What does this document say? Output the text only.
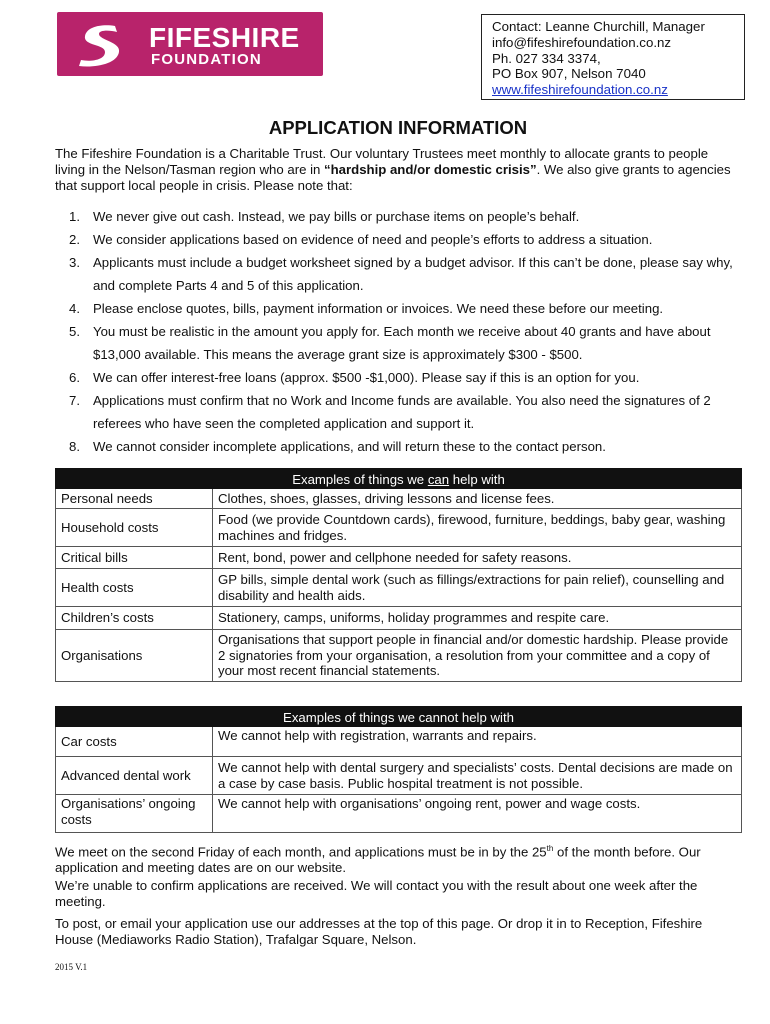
FIFESHIRE
FOUNDATION
Contact: Leanne Churchill, Manager
info@fifeshirefoundation.co.nz
Ph. 027 334 3374,
PO Box 907, Nelson 7040
www.fifeshirefoundation.co.nz
APPLICATION INFORMATION

The Fifeshire Foundation is a Charitable Trust. Our voluntary Trustees meet monthly to allocate grants to people living in the Nelson/Tasman region who are in “hardship and/or domestic crisis”. We also give grants to agencies that support local people in crisis. Please note that:

1. We never give out cash. Instead, we pay bills or purchase items on people’s behalf.
2. We consider applications based on evidence of need and people’s efforts to address a situation.
3. Applicants must include a budget worksheet signed by a budget advisor. If this can’t be done, please say why, and complete Parts 4 and 5 of this application.
4. Please enclose quotes, bills, payment information or invoices. We need these before our meeting.
5. You must be realistic in the amount you apply for. Each month we receive about 40 grants and have about $13,000 available. This means the average grant size is approximately $300 - $500.
6. We can offer interest-free loans (approx. $500 -$1,000). Please say if this is an option for you.
7. Applications must confirm that no Work and Income funds are available. You also need the signatures of 2 referees who have seen the completed application and support it.
8. We cannot consider incomplete applications, and will return these to the contact person.
Examples of things we can help with	
Personal needs	Clothes, shoes, glasses, driving lessons and license fees.
Household costs	Food (we provide Countdown cards), firewood, furniture, beddings, baby gear, washing machines and fridges.
Critical bills	Rent, bond, power and cellphone needed for safety reasons.
Health costs	GP bills, simple dental work (such as fillings/extractions for pain relief), counselling and disability and health aids.
Children’s costs	Stationery, camps, uniforms, holiday programmes and respite care.
Organisations	Organisations that support people in financial and/or domestic hardship. Please provide 2 signatories from your organisation, a resolution from your committee and a copy of your most recent financial statements.
Examples of things we cannot help with	
Car costs	We cannot help with registration, warrants and repairs.
Advanced dental work	We cannot help with dental surgery and specialists’ costs. Dental decisions are made on a case by case basis. Public hospital treatment is not possible.
Organisations’ ongoing costs	We cannot help with organisations’ ongoing rent, power and wage costs.

We meet on the second Friday of each month, and applications must be in by the 25th of the month before. Our application and meeting dates are on our website.

We’re unable to confirm applications are received. We will contact you with the result about one week after the meeting.

To post, or email your application use our addresses at the top of this page. Or drop it in to Reception, Fifeshire House (Mediaworks Radio Station), Trafalgar Square, Nelson.

2015 V.1
